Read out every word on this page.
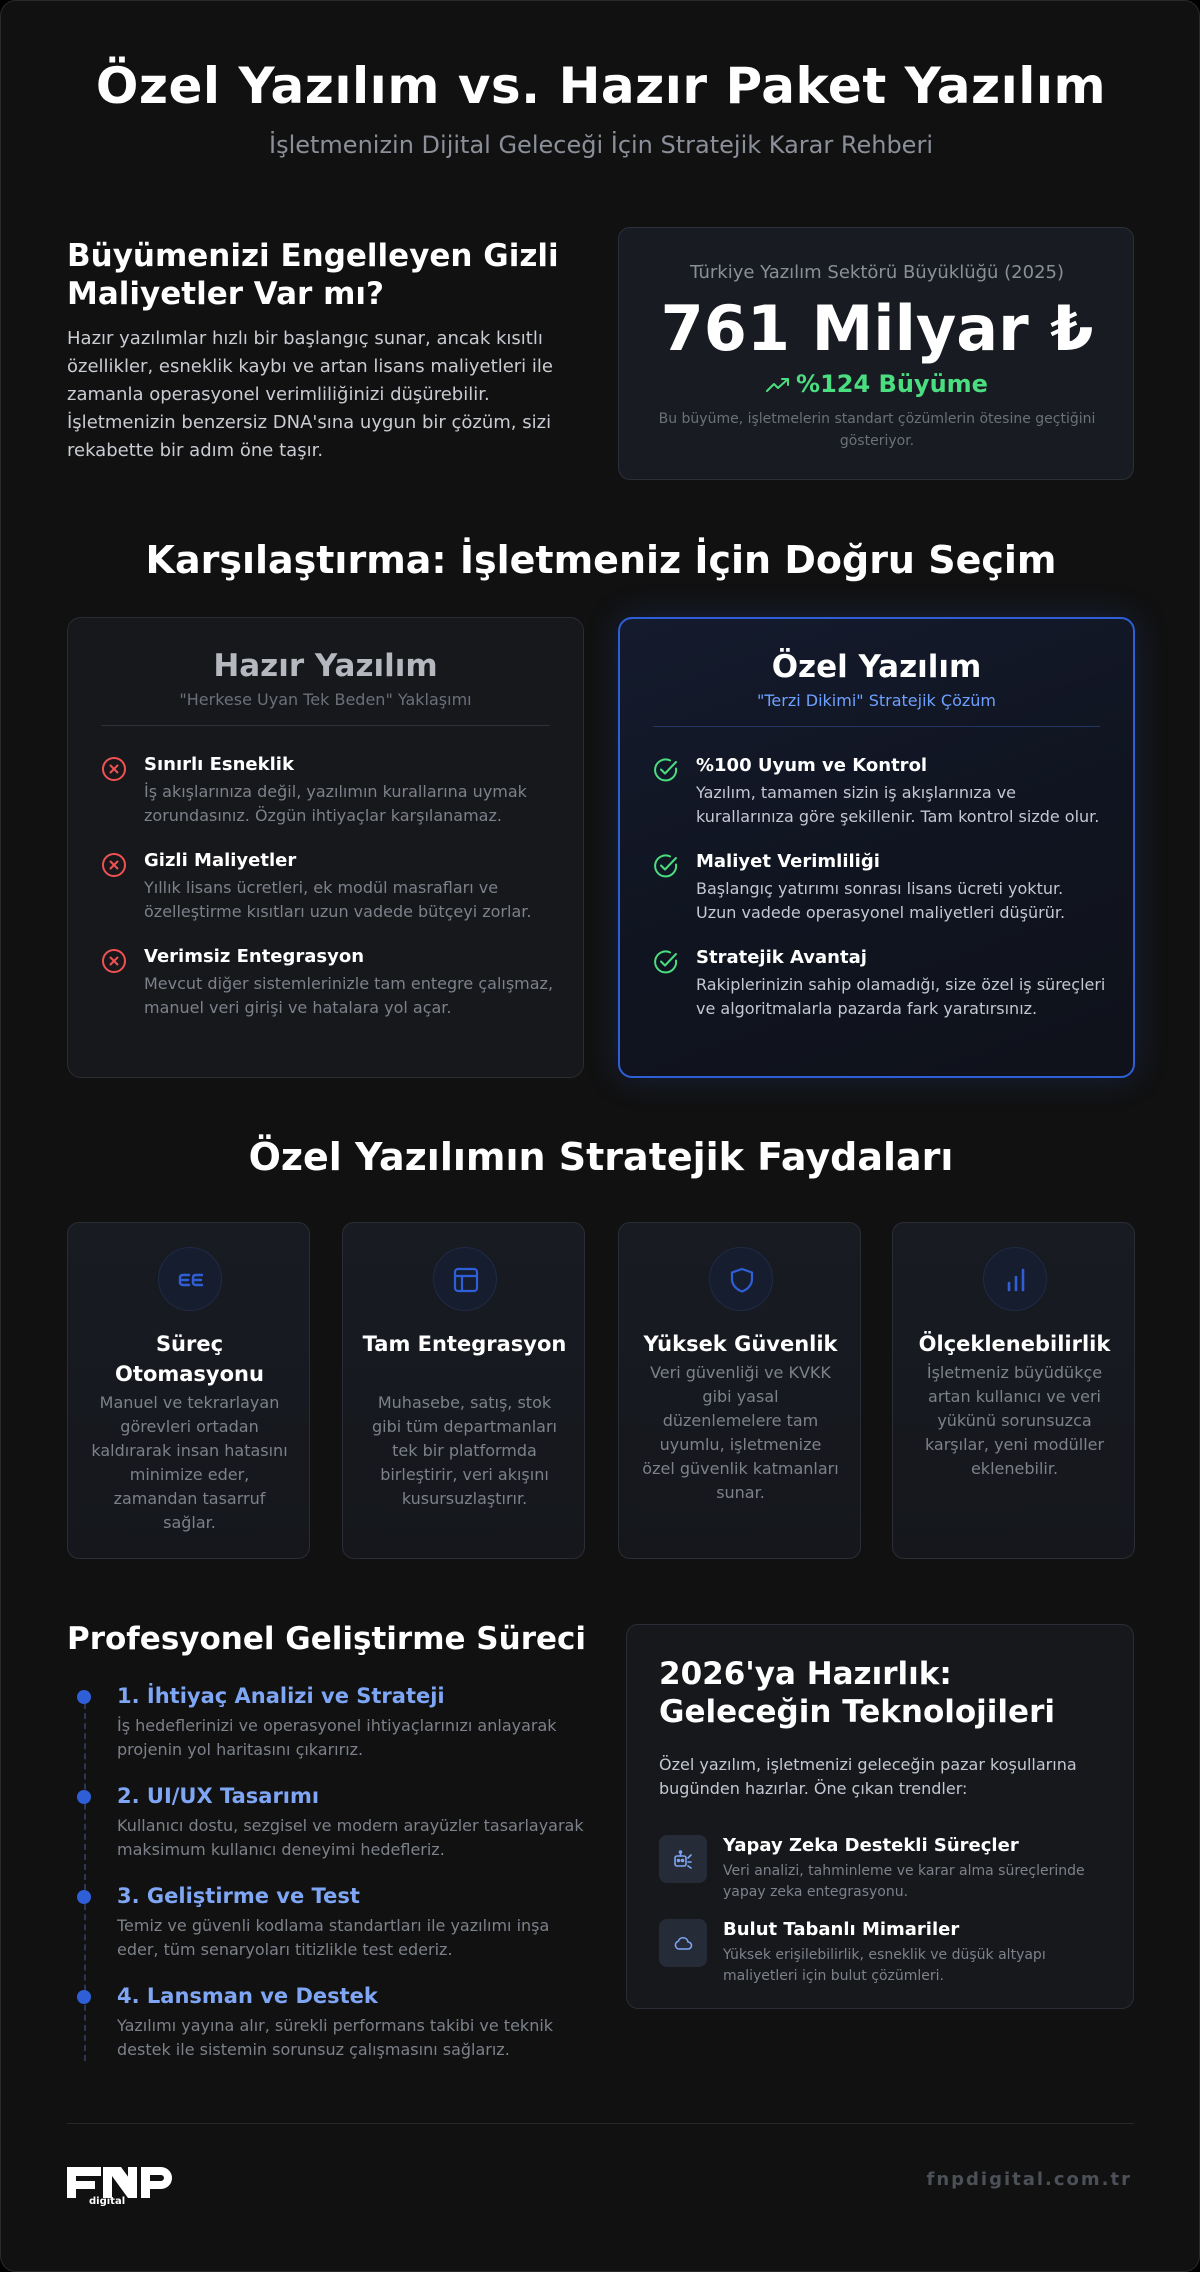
Özel Yazılım vs. Hazır Paket Yazılım
İşletmenizin Dijital Geleceği İçin Stratejik Karar Rehberi
Büyümenizi Engelleyen Gizli Maliyetler Var mı?
Hazır yazılımlar hızlı bir başlangıç sunar, ancak kısıtlı özellikler, esneklik kaybı ve artan lisans maliyetleri ile zamanla operasyonel verimliliğinizi düşürebilir. İşletmenizin benzersiz DNA'sına uygun bir çözüm, sizi rekabette bir adım öne taşır.
Türkiye Yazılım Sektörü Büyüklüğü (2025)
761 Milyar ₺
%124 Büyüme
Bu büyüme, işletmelerin standart çözümlerin ötesine geçtiğini gösteriyor.
Karşılaştırma: İşletmeniz İçin Doğru Seçim
Hazır Yazılım
"Herkese Uyan Tek Beden" Yaklaşımı
Sınırlı Esneklik
İş akışlarınıza değil, yazılımın kurallarına uymak zorundasınız. Özgün ihtiyaçlar karşılanamaz.
Gizli Maliyetler
Yıllık lisans ücretleri, ek modül masrafları ve özelleştirme kısıtları uzun vadede bütçeyi zorlar.
Verimsiz Entegrasyon
Mevcut diğer sistemlerinizle tam entegre çalışmaz, manuel veri girişi ve hatalara yol açar.
Özel Yazılım
"Terzi Dikimi" Stratejik Çözüm
%100 Uyum ve Kontrol
Yazılım, tamamen sizin iş akışlarınıza ve kurallarınıza göre şekillenir. Tam kontrol sizde olur.
Maliyet Verimliliği
Başlangıç yatırımı sonrası lisans ücreti yoktur. Uzun vadede operasyonel maliyetleri düşürür.
Stratejik Avantaj
Rakiplerinizin sahip olamadığı, size özel iş süreçleri ve algoritmalarla pazarda fark yaratırsınız.
Özel Yazılımın Stratejik Faydaları
Süreç Otomasyonu
Manuel ve tekrarlayan görevleri ortadan kaldırarak insan hatasını minimize eder, zamandan tasarruf sağlar.
Tam Entegrasyon
Muhasebe, satış, stok gibi tüm departmanları tek bir platformda birleştirir, veri akışını kusursuzlaştırır.
Yüksek Güvenlik
Veri güvenliği ve KVKK gibi yasal düzenlemelere tam uyumlu, işletmenize özel güvenlik katmanları sunar.
Ölçeklenebilirlik
İşletmeniz büyüdükçe artan kullanıcı ve veri yükünü sorunsuzca karşılar, yeni modüller eklenebilir.
Profesyonel Geliştirme Süreci
1. İhtiyaç Analizi ve Strateji
İş hedeflerinizi ve operasyonel ihtiyaçlarınızı anlayarak projenin yol haritasını çıkarırız.
2. UI/UX Tasarımı
Kullanıcı dostu, sezgisel ve modern arayüzler tasarlayarak maksimum kullanıcı deneyimi hedefleriz.
3. Geliştirme ve Test
Temiz ve güvenli kodlama standartları ile yazılımı inşa eder, tüm senaryoları titizlikle test ederiz.
4. Lansman ve Destek
Yazılımı yayına alır, sürekli performans takibi ve teknik destek ile sistemin sorunsuz çalışmasını sağlarız.
2026'ya Hazırlık: Geleceğin Teknolojileri
Özel yazılım, işletmenizi geleceğin pazar koşullarına bugünden hazırlar. Öne çıkan trendler:
Yapay Zeka Destekli Süreçler
Veri analizi, tahminleme ve karar alma süreçlerinde yapay zeka entegrasyonu.
Bulut Tabanlı Mimariler
Yüksek erişilebilirlik, esneklik ve düşük altyapı maliyetleri için bulut çözümleri.
digital
fnpdigital.com.tr
